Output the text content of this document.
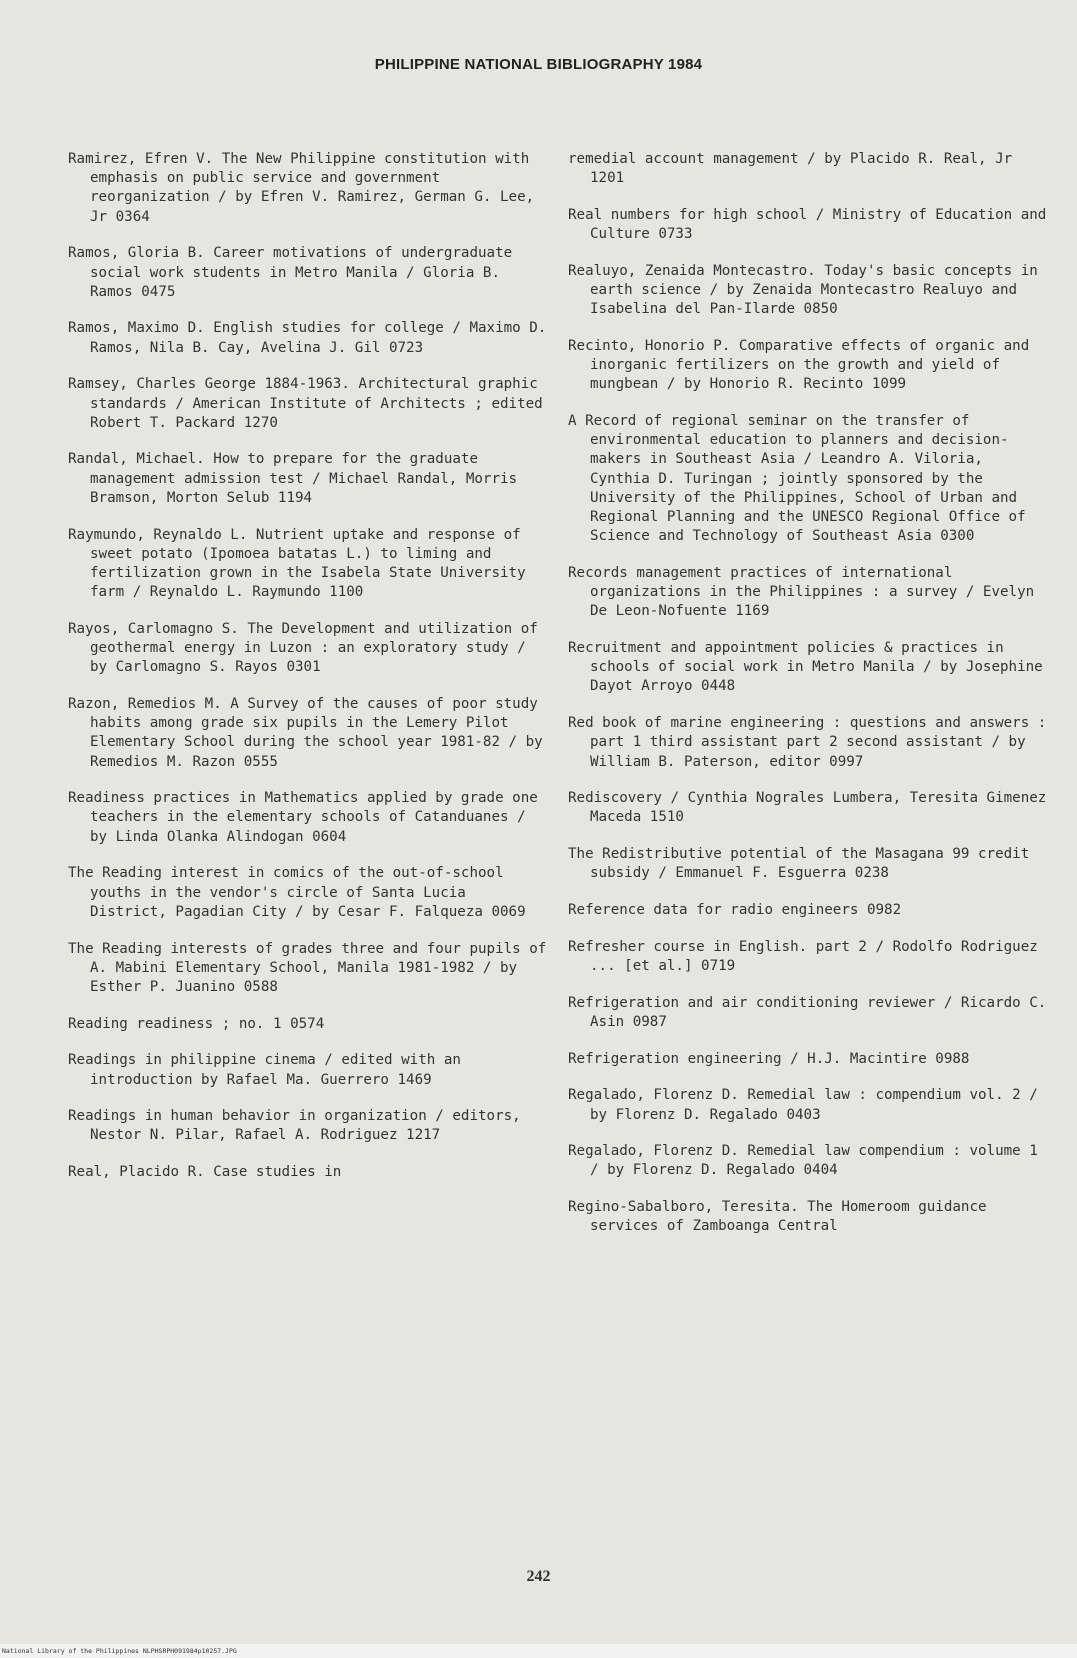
PHILIPPINE NATIONAL BIBLIOGRAPHY 1984

Ramirez, Efren V. The New Philippine constitution with emphasis on public service and government reorganization / by Efren V. Ramirez, German G. Lee, Jr 0364

Ramos, Gloria B. Career motivations of undergraduate social work students in Metro Manila / Gloria B. Ramos 0475

Ramos, Maximo D. English studies for college / Maximo D. Ramos, Nila B. Cay, Avelina J. Gil 0723

Ramsey, Charles George 1884-1963. Architectural graphic standards / American Institute of Architects ; edited Robert T. Packard 1270

Randal, Michael. How to prepare for the graduate management admission test / Michael Randal, Morris Bramson, Morton Selub 1194

Raymundo, Reynaldo L. Nutrient uptake and response of sweet potato (Ipomoea batatas L.) to liming and fertilization grown in the Isabela State University farm / Reynaldo L. Raymundo 1100

Rayos, Carlomagno S. The Development and utilization of geothermal energy in Luzon : an exploratory study / by Carlomagno S. Rayos 0301

Razon, Remedios M. A Survey of the causes of poor study habits among grade six pupils in the Lemery Pilot Elementary School during the school year 1981-82 / by Remedios M. Razon 0555

Readiness practices in Mathematics applied by grade one teachers in the elementary schools of Catanduanes / by Linda Olanka Alindogan 0604

The Reading interest in comics of the out-of-school youths in the vendor's circle of Santa Lucia District, Pagadian City / by Cesar F. Falqueza 0069

The Reading interests of grades three and four pupils of A. Mabini Elementary School, Manila 1981-1982 / by Esther P. Juanino 0588

Reading readiness ; no. 1 0574

Readings in philippine cinema / edited with an introduction by Rafael Ma. Guerrero 1469

Readings in human behavior in organization / editors, Nestor N. Pilar, Rafael A. Rodriguez 1217

Real, Placido R. Case studies in

remedial account management / by Placido R. Real, Jr 1201

Real numbers for high school / Ministry of Education and Culture 0733

Realuyo, Zenaida Montecastro. Today's basic concepts in earth science / by Zenaida Montecastro Realuyo and Isabelina del Pan-Ilarde 0850

Recinto, Honorio P. Comparative effects of organic and inorganic fertilizers on the growth and yield of mungbean / by Honorio R. Recinto 1099

A Record of regional seminar on the transfer of environmental education to planners and decision-makers in Southeast Asia / Leandro A. Viloria, Cynthia D. Turingan ; jointly sponsored by the University of the Philippines, School of Urban and Regional Planning and the UNESCO Regional Office of Science and Technology of Southeast Asia 0300

Records management practices of international organizations in the Philippines : a survey / Evelyn De Leon-Nofuente 1169

Recruitment and appointment policies & practices in schools of social work in Metro Manila / by Josephine Dayot Arroyo 0448

Red book of marine engineering : questions and answers : part 1 third assistant part 2 second assistant / by William B. Paterson, editor 0997

Rediscovery / Cynthia Nograles Lumbera, Teresita Gimenez Maceda 1510

The Redistributive potential of the Masagana 99 credit subsidy / Emmanuel F. Esguerra 0238

Reference data for radio engineers 0982

Refresher course in English. part 2 / Rodolfo Rodriguez ... [et al.] 0719

Refrigeration and air conditioning reviewer / Ricardo C. Asin 0987

Refrigeration engineering / H.J. Macintire 0988

Regalado, Florenz D. Remedial law : compendium vol. 2 / by Florenz D. Regalado 0403

Regalado, Florenz D. Remedial law compendium : volume 1 / by Florenz D. Regalado 0404

Regino-Sabalboro, Teresita. The Homeroom guidance services of Zamboanga Central

242
National Library of the Philippines NLPHSRPH091984p10257.JPG
